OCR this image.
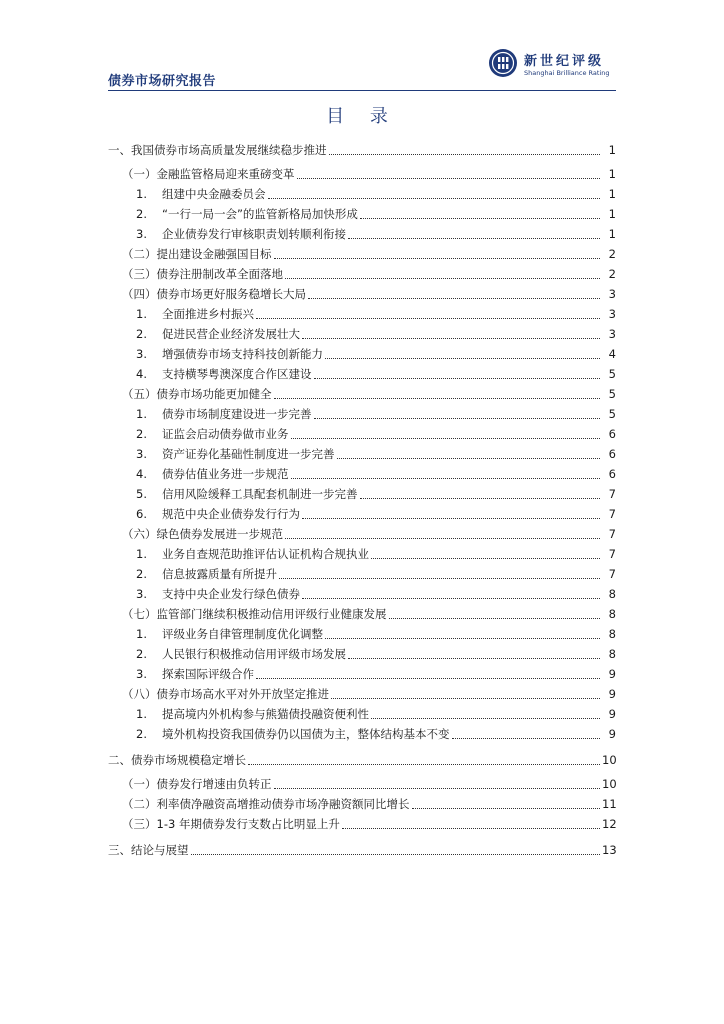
债券市场研究报告
新世纪评级
Shanghai Brilliance Rating
目 录
一、我国债券市场高质量发展继续稳步推进	1
（一）金融监管格局迎来重磅变革	1
1.	组建中央金融委员会	1
2.	“一行一局一会”的监管新格局加快形成	1
3.	企业债券发行审核职责划转顺利衔接	1
（二）提出建设金融强国目标	2
（三）债券注册制改革全面落地	2
（四）债券市场更好服务稳增长大局	3
1.	全面推进乡村振兴	3
2.	促进民营企业经济发展壮大	3
3.	增强债券市场支持科技创新能力	4
4.	支持横琴粤澳深度合作区建设	5
（五）债券市场功能更加健全	5
1.	债券市场制度建设进一步完善	5
2.	证监会启动债券做市业务	6
3.	资产证券化基础性制度进一步完善	6
4.	债券估值业务进一步规范	6
5.	信用风险缓释工具配套机制进一步完善	7
6.	规范中央企业债券发行行为	7
（六）绿色债券发展进一步规范	7
1.	业务自查规范助推评估认证机构合规执业	7
2.	信息披露质量有所提升	7
3.	支持中央企业发行绿色债券	8
（七）监管部门继续积极推动信用评级行业健康发展	8
1.	评级业务自律管理制度优化调整	8
2.	人民银行积极推动信用评级市场发展	8
3.	探索国际评级合作	9
（八）债券市场高水平对外开放坚定推进	9
1.	提高境内外机构参与熊猫债投融资便利性	9
2.	境外机构投资我国债券仍以国债为主，整体结构基本不变	9
二、债券市场规模稳定增长	10
（一）债券发行增速由负转正	10
（二）利率债净融资高增推动债券市场净融资额同比增长	11
（三）1-3 年期债券发行支数占比明显上升	12
三、结论与展望	13
